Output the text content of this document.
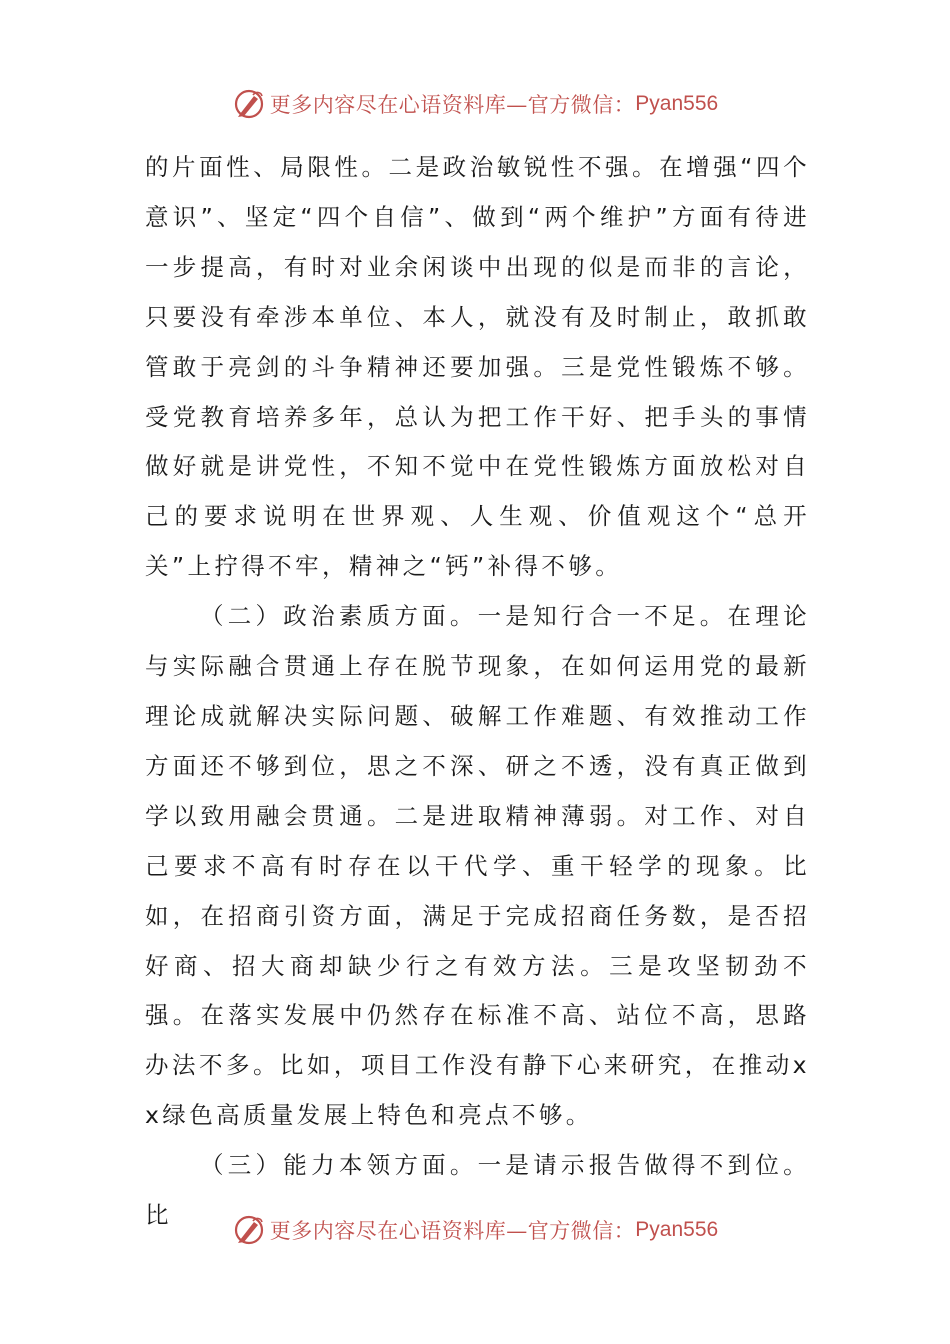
更多内容尽在心语资料库—官方微信： Pyan556

的片面性、局限性。二是政治敏锐性不强。在增强“四个意识”、坚定“四个自信”、做到“两个维护”方面有待进一步提高，有时对业余闲谈中出现的似是而非的言论，只要没有牵涉本单位、本人，就没有及时制止，敢抓敢管敢于亮剑的斗争精神还要加强。三是党性锻炼不够。受党教育培养多年，总认为把工作干好、把手头的事情做好就是讲党性，不知不觉中在党性锻炼方面放松对自己的要求说明在世界观、人生观、价值观这个“总开关”上拧得不牢，精神之“钙”补得不够。

（二）政治素质方面。一是知行合一不足。在理论与实际融合贯通上存在脱节现象，在如何运用党的最新理论成就解决实际问题、破解工作难题、有效推动工作方面还不够到位，思之不深、研之不透，没有真正做到学以致用融会贯通。二是进取精神薄弱。对工作、对自己要求不高有时存在以干代学、重干轻学的现象。比如，在招商引资方面，满足于完成招商任务数，是否招好商、招大商却缺少行之有效方法。三是攻坚韧劲不强。在落实发展中仍然存在标准不高、站位不高，思路办法不多。比如，项目工作没有静下心来研究，在推动xx绿色高质量发展上特色和亮点不够。

（三）能力本领方面。一是请示报告做得不到位。比

更多内容尽在心语资料库—官方微信： Pyan556
